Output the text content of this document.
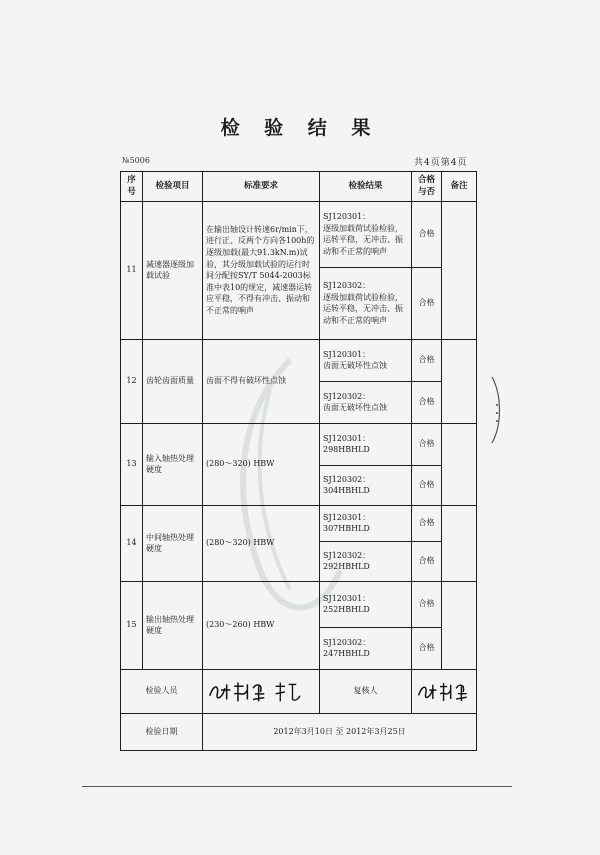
检 验 结 果
№5006	共4页第4页
序号	检验项目	标准要求	检验结果	合格与否	备注
11	减速器逐级加载试验	在输出轴设计转速6r/min下，进行正、反两个方向各100h的逐级加载(最大91.3kN.m)试验，其分级加载试验的运行时间分配按SY/T 5044-2003标准中表10的规定，减速器运转应平稳，不得有冲击、振动和不正常的响声	SJ120301：
逐级加载荷试验检验，运转平稳，无冲击、振动和不正常的响声	合格	
			SJ120302：
逐级加载荷试验检验，运转平稳，无冲击、振动和不正常的响声	合格	
12	齿轮齿面质量	齿面不得有破坏性点蚀	SJ120301：
齿面无破坏性点蚀	合格	
			SJ120302：
齿面无破坏性点蚀	合格	
13	输入轴热处理硬度	(280～320) HBW	SJ120301：
298HBHLD	合格	
			SJ120302：
304HBHLD	合格	
14	中间轴热处理硬度	(280～320) HBW	SJ120301：
307HBHLD	合格	
			SJ120302：
292HBHLD	合格	
15	输出轴热处理硬度	(230～260) HBW	SJ120301：
252HBHLD	合格	
			SJ120302：
247HBHLD	合格	
检验人员			复核人	

检验日期		2012年3月10日 至 2012年3月25日			
